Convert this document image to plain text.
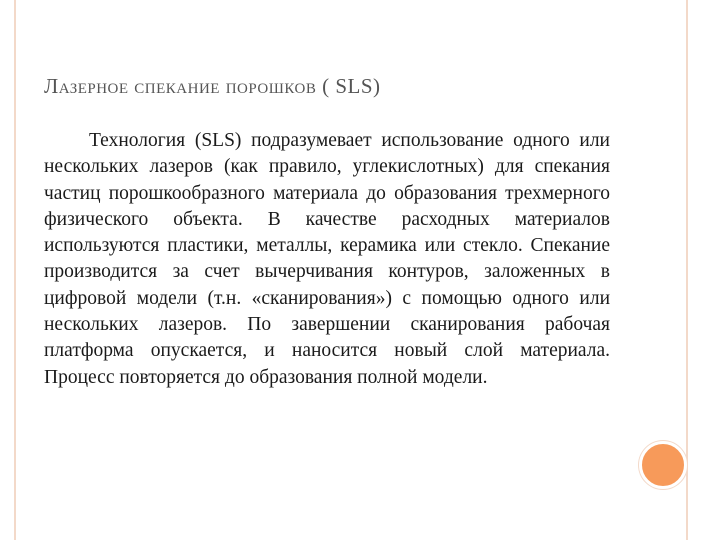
Лазерное спекание порошков ( SLS)

Технология (SLS) подразумевает использование одного или нескольких лазеров (как правило, углекислотных) для спекания частиц порошкообразного материала до образования трехмерного физического объекта. В качестве расходных материалов используются пластики, металлы, керамика или стекло. Спекание производится за счет вычерчивания контуров, заложенных в цифровой модели (т.н. «сканирования») с помощью одного или нескольких лазеров. По завершении сканирования рабочая платформа опускается, и наносится новый слой материала. Процесс повторяется до образования полной модели.
